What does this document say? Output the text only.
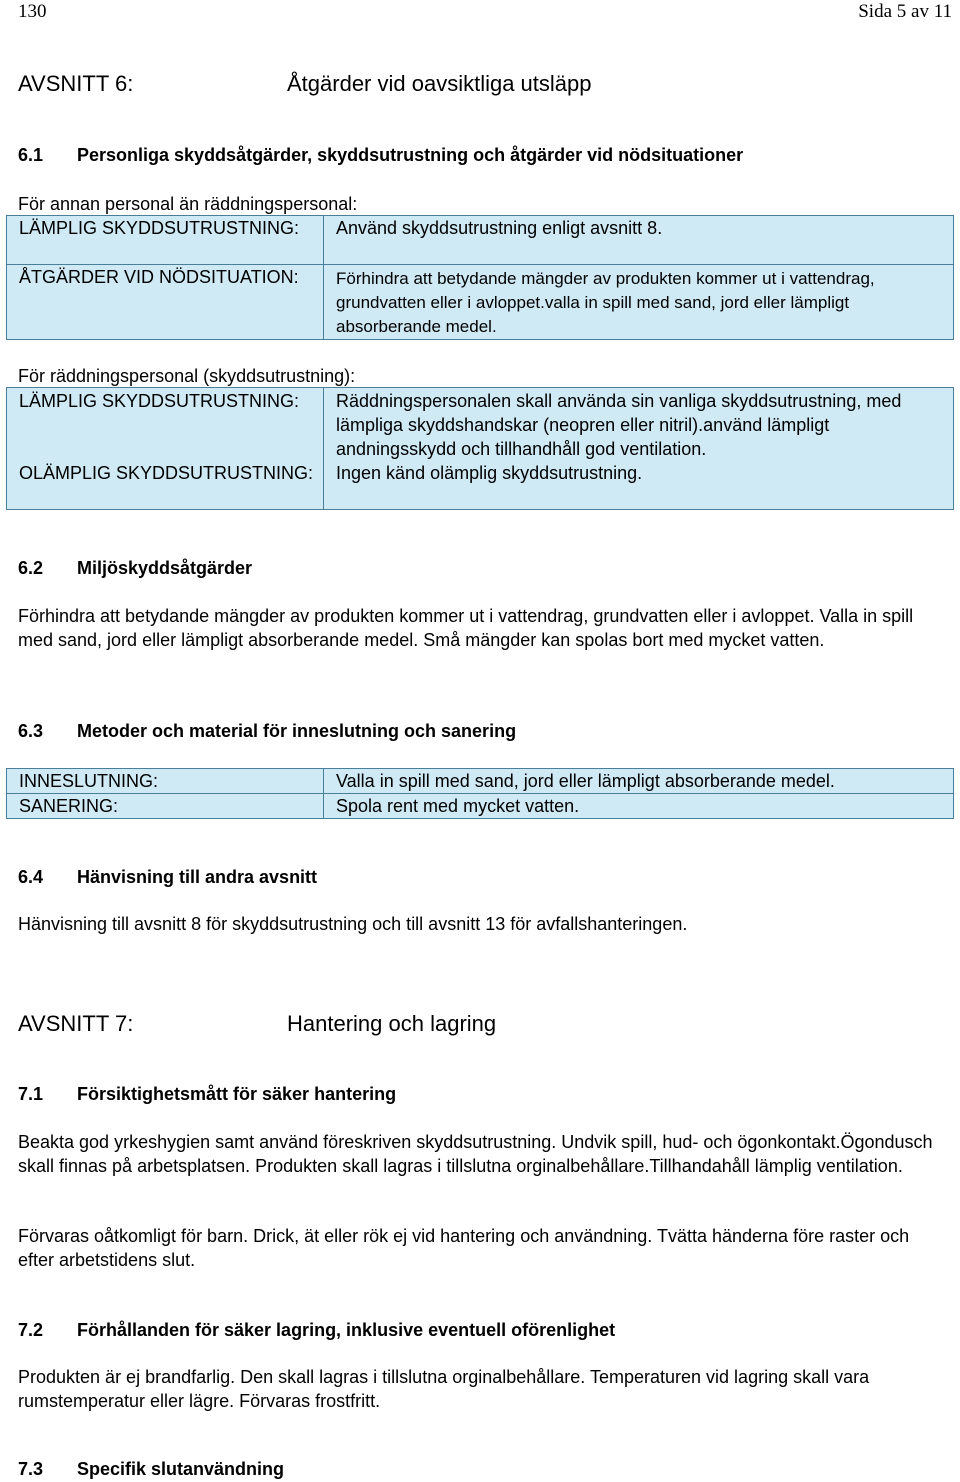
130	Sida 5 av 11
AVSNITT 6:	Åtgärder vid oavsiktliga utsläpp
6.1 Personliga skyddsåtgärder, skyddsutrustning och åtgärder vid nödsituationer
För annan personal än räddningspersonal:
LÄMPLIG SKYDDSUTRUSTNING:	Använd skyddsutrustning enligt avsnitt 8.
ÅTGÄRDER VID NÖDSITUATION:	Förhindra att betydande mängder av produkten kommer ut i vattendrag, grundvatten eller i avloppet.valla in spill med sand, jord eller lämpligt absorberande medel.
För räddningspersonal (skyddsutrustning):
LÄMPLIG SKYDDSUTRUSTNING:	Räddningspersonalen skall använda sin vanliga skyddsutrustning, med lämpliga skyddshandskar (neopren eller nitril).använd lämpligt andningsskydd och tillhandhåll god ventilation.
OLÄMPLIG SKYDDSUTRUSTNING:	Ingen känd olämplig skyddsutrustning.
6.2 Miljöskyddsåtgärder
Förhindra att betydande mängder av produkten kommer ut i vattendrag, grundvatten eller i avloppet. Valla in spill med sand, jord eller lämpligt absorberande medel. Små mängder kan spolas bort med mycket vatten.
6.3 Metoder och material för inneslutning och sanering
INNESLUTNING:	Valla in spill med sand, jord eller lämpligt absorberande medel.
SANERING:	Spola rent med mycket vatten.
6.4 Hänvisning till andra avsnitt
Hänvisning till avsnitt 8 för skyddsutrustning och till avsnitt 13 för avfallshanteringen.
AVSNITT 7:	Hantering och lagring
7.1 Försiktighetsmått för säker hantering
Beakta god yrkeshygien samt använd föreskriven skyddsutrustning. Undvik spill, hud- och ögonkontakt.Ögondusch skall finnas på arbetsplatsen. Produkten skall lagras i tillslutna orginalbehållare.Tillhandahåll lämplig ventilation.
Förvaras oåtkomligt för barn. Drick, ät eller rök ej vid hantering och användning. Tvätta händerna före raster och efter arbetstidens slut.
7.2 Förhållanden för säker lagring, inklusive eventuell oförenlighet
Produkten är ej brandfarlig. Den skall lagras i tillslutna orginalbehållare. Temperaturen vid lagring skall vara rumstemperatur eller lägre. Förvaras frostfritt.
7.3 Specifik slutanvändning
